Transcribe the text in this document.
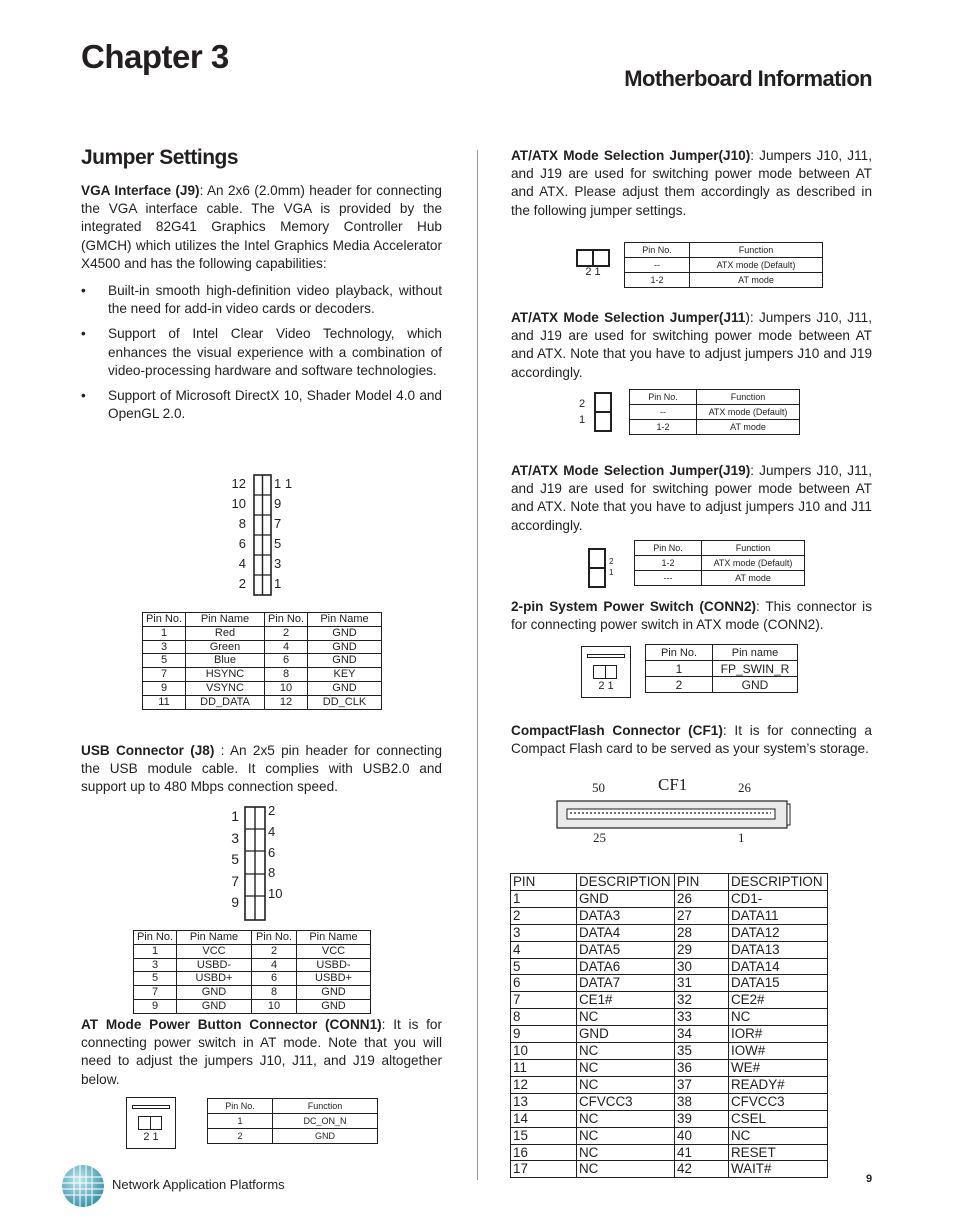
Chapter 3
Motherboard Information
Jumper Settings
VGA Interface (J9): An 2x6 (2.0mm) header for connecting the VGA interface cable. The VGA is provided by the integrated 82G41 Graphics Memory Controller Hub (GMCH) which utilizes the Intel Graphics Media Accelerator X4500 and has the following capabilities:
• Built-in smooth high-definition video playback, without the need for add-in video cards or decoders.
• Support of Intel Clear Video Technology, which enhances the visual experience with a combination of video-processing hardware and software technologies.
• Support of Microsoft DirectX 10, Shader Model 4.0 and OpenGL 2.0.
12
10
8
6
4
2
1 1
9
7
5
3
1
Pin No.	Pin Name	Pin No.	Pin Name
1	Red	2	GND
3	Green	4	GND
5	Blue	6	GND
7	HSYNC	8	KEY
9	VSYNC	10	GND
11	DD_DATA	12	DD_CLK
USB Connector (J8) : An 2x5 pin header for connecting the USB module cable. It complies with USB2.0 and support up to 480 Mbps connection speed.
1
3
5
7
9
2
4
6
8
10
Pin No.	Pin Name	Pin No.	Pin Name
1	VCC	2	VCC
3	USBD-	4	USBD-
5	USBD+	6	USBD+
7	GND	8	GND
9	GND	10	GND
AT Mode Power Button Connector (CONN1): It is for connecting power switch in AT mode. Note that you will need to adjust the jumpers J10, J11, and J19 altogether below.
2 1
Pin No.	Function
1	DC_ON_N
2	GND
AT/ATX Mode Selection Jumper(J10): Jumpers J10, J11, and J19 are used for switching power mode between AT and ATX. Please adjust them accordingly as described in the following jumper settings.
2 1
Pin No.	Function
--	ATX mode (Default)
1-2	AT mode
AT/ATX Mode Selection Jumper(J11): Jumpers J10, J11, and J19 are used for switching power mode between AT and ATX. Note that you have to adjust jumpers J10 and J19 accordingly.
2
1
Pin No.	Function
--	ATX mode (Default)
1-2	AT mode
AT/ATX Mode Selection Jumper(J19): Jumpers J10, J11, and J19 are used for switching power mode between AT and ATX. Note that you have to adjust jumpers J10 and J11 accordingly.
2
1
Pin No.	Function
1-2	ATX mode (Default)
---	AT mode
2-pin System Power Switch (CONN2): This connector is for connecting power switch in ATX mode (CONN2).
2 1
Pin No.	Pin name
1	FP_SWIN_R
2	GND
CompactFlash Connector (CF1): It is for connecting a Compact Flash card to be served as your system’s storage.
50	CF1	26
25	1
PIN	DESCRIPTION	PIN	DESCRIPTION
1	GND	26	CD1-
2	DATA3	27	DATA11
3	DATA4	28	DATA12
4	DATA5	29	DATA13
5	DATA6	30	DATA14
6	DATA7	31	DATA15
7	CE1#	32	CE2#
8	NC	33	NC
9	GND	34	IOR#
10	NC	35	IOW#
11	NC	36	WE#
12	NC	37	READY#
13	CFVCC3	38	CFVCC3
14	NC	39	CSEL
15	NC	40	NC
16	NC	41	RESET
17	NC	42	WAIT#
Network Application Platforms	9
